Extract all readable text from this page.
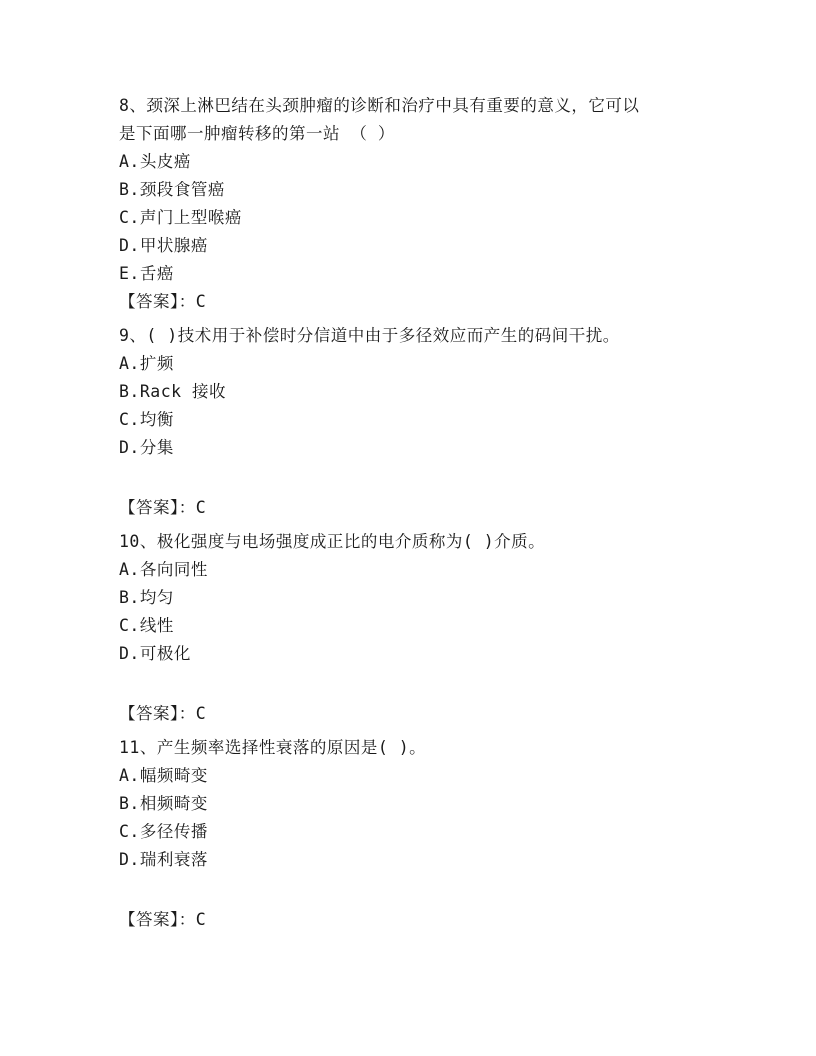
8、颈深上淋巴结在头颈肿瘤的诊断和治疗中具有重要的意义，它可以

是下面哪一肿瘤转移的第一站 （ ）

A.头皮癌

B.颈段食管癌

C.声门上型喉癌

D.甲状腺癌

E.舌癌

【答案】：C

9、( )技术用于补偿时分信道中由于多径效应而产生的码间干扰。

A.扩频

B.Rack 接收

C.均衡

D.分集

【答案】：C

10、极化强度与电场强度成正比的电介质称为( )介质。

A.各向同性

B.均匀

C.线性

D.可极化

【答案】：C

11、产生频率选择性衰落的原因是( )。

A.幅频畸变

B.相频畸变

C.多径传播

D.瑞利衰落

【答案】：C
